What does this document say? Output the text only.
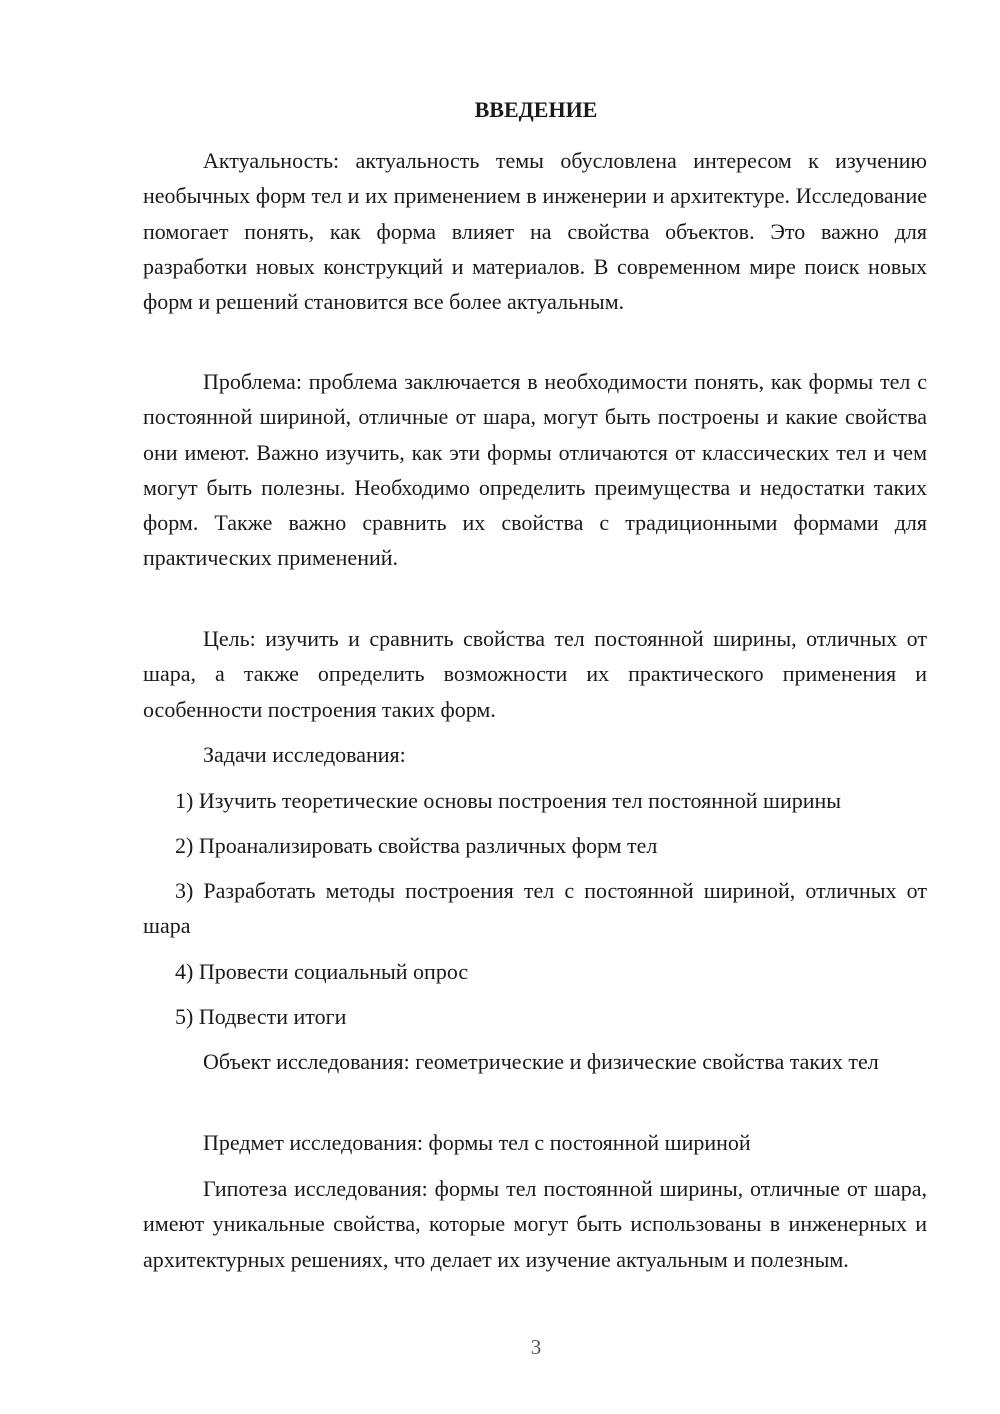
ВВЕДЕНИЕ

Актуальность: актуальность темы обусловлена интересом к изучению необычных форм тел и их применением в инженерии и архитектуре. Исследование помогает понять, как форма влияет на свойства объектов. Это важно для разработки новых конструкций и материалов. В современном мире поиск новых форм и решений становится все более актуальным.

Проблема: проблема заключается в необходимости понять, как формы тел с постоянной шириной, отличные от шара, могут быть построены и какие свойства они имеют. Важно изучить, как эти формы отличаются от классических тел и чем могут быть полезны. Необходимо определить преимущества и недостатки таких форм. Также важно сравнить их свойства с традиционными формами для практических применений.

Цель: изучить и сравнить свойства тел постоянной ширины, отличных от шара, а также определить возможности их практического применения и особенности построения таких форм.

Задачи исследования:

1) Изучить теоретические основы построения тел постоянной ширины

2) Проанализировать свойства различных форм тел

3) Разработать методы построения тел с постоянной шириной, отличных от шара

4) Провести социальный опрос

5) Подвести итоги

Объект исследования: геометрические и физические свойства таких тел

Предмет исследования: формы тел с постоянной шириной

Гипотеза исследования: формы тел постоянной ширины, отличные от шара, имеют уникальные свойства, которые могут быть использованы в инженерных и архитектурных решениях, что делает их изучение актуальным и полезным.

3
